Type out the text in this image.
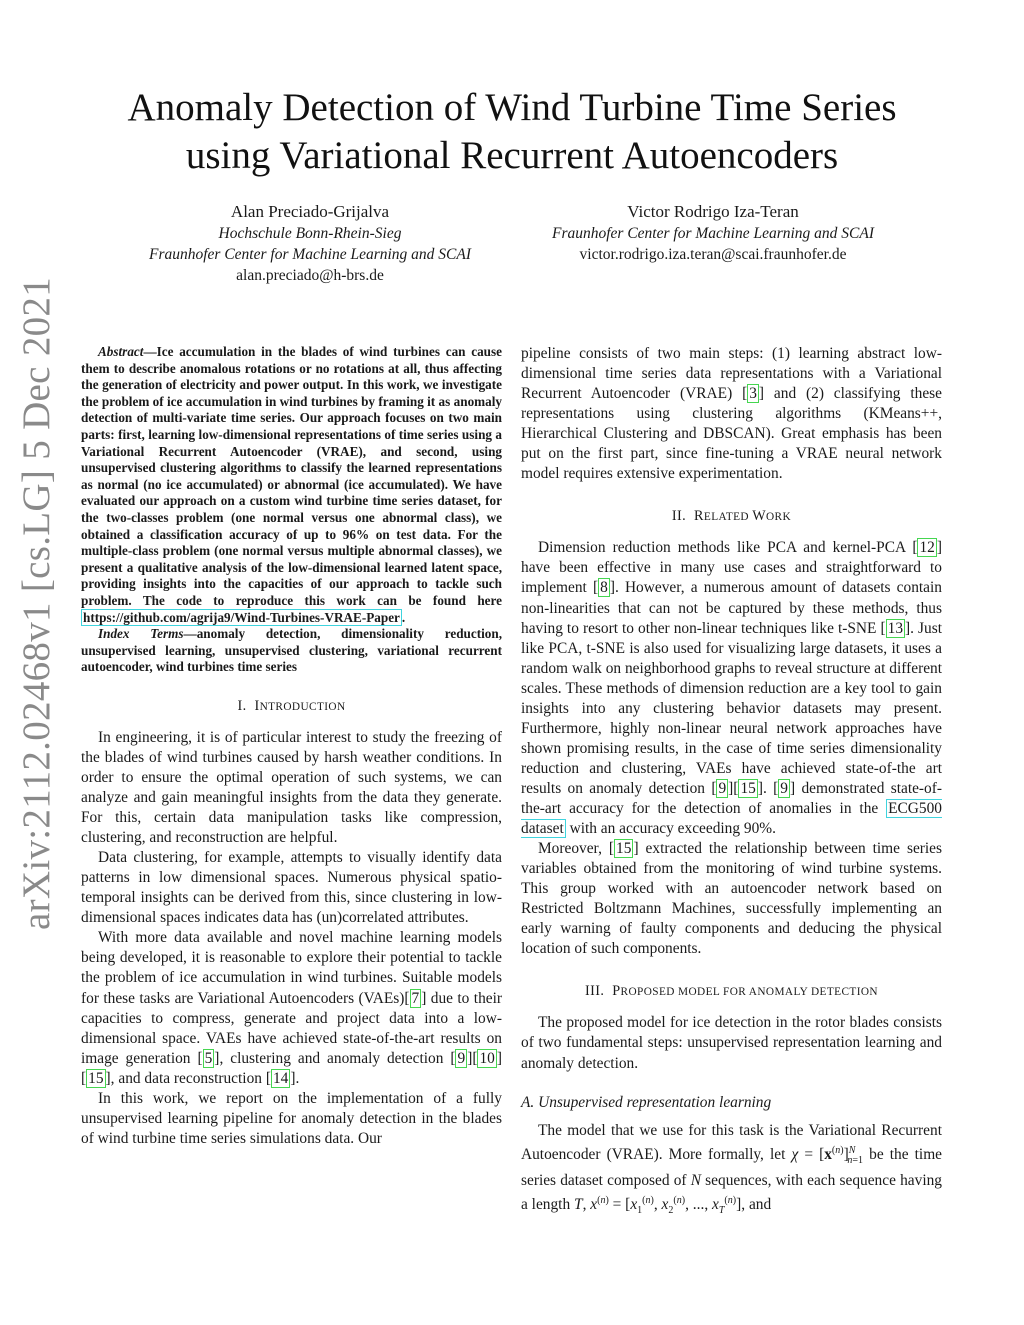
arXiv:2112.02468v1 [cs.LG] 5 Dec 2021
Anomaly Detection of Wind Turbine Time Series
using Variational Recurrent Autoencoders
Alan Preciado-Grijalva
Hochschule Bonn-Rhein-Sieg
Fraunhofer Center for Machine Learning and SCAI
alan.preciado@h-brs.de
Victor Rodrigo Iza-Teran
Fraunhofer Center for Machine Learning and SCAI
victor.rodrigo.iza.teran@scai.fraunhofer.de

Abstract—Ice accumulation in the blades of wind turbines can cause them to describe anomalous rotations or no rotations at all, thus affecting the generation of electricity and power output. In this work, we investigate the problem of ice accumulation in wind turbines by framing it as anomaly detection of multi-variate time series. Our approach focuses on two main parts: first, learning low-dimensional representations of time series using a Variational Recurrent Autoencoder (VRAE), and second, using unsupervised clustering algorithms to classify the learned representations as normal (no ice accumulated) or abnormal (ice accumulated). We have evaluated our approach on a custom wind turbine time series dataset, for the two-classes problem (one normal versus one abnormal class), we obtained a classification accuracy of up to 96% on test data. For the multiple-class problem (one normal versus multiple abnormal classes), we present a qualitative analysis of the low-dimensional learned latent space, providing insights into the capacities of our approach to tackle such problem. The code to reproduce this work can be found here https://github.com/agrija9/Wind-Turbines-VRAE-Paper .

Index Terms—anomaly detection, dimensionality reduction, unsupervised learning, unsupervised clustering, variational recurrent autoencoder, wind turbines time series

I. INTRODUCTION

In engineering, it is of particular interest to study the freezing of the blades of wind turbines caused by harsh weather conditions. In order to ensure the optimal operation of such systems, we can analyze and gain meaningful insights from the data they generate. For this, certain data manipulation tasks like compression, clustering, and reconstruction are helpful.

Data clustering, for example, attempts to visually identify data patterns in low dimensional spaces. Numerous physical spatio-temporal insights can be derived from this, since clustering in low-dimensional spaces indicates data has (un)correlated attributes.

With more data available and novel machine learning models being developed, it is reasonable to explore their potential to tackle the problem of ice accumulation in wind turbines. Suitable models for these tasks are Variational Autoencoders (VAEs)[ 7 ] due to their capacities to compress, generate and project data into a low-dimensional space. VAEs have achieved state-of-the-art results on image generation [ 5 ], clustering and anomaly detection [ 9 ][ 10 ][ 15 ], and data reconstruction [ 14 ].

In this work, we report on the implementation of a fully unsupervised learning pipeline for anomaly detection in the blades of wind turbine time series simulations data. Our

pipeline consists of two main steps: (1) learning abstract low-dimensional time series data representations with a Variational Recurrent Autoencoder (VRAE) [ 3 ] and (2) classifying these representations using clustering algorithms (KMeans++, Hierarchical Clustering and DBSCAN). Great emphasis has been put on the first part, since fine-tuning a VRAE neural network model requires extensive experimentation.

II. RELATED WORK

Dimension reduction methods like PCA and kernel-PCA [ 12 ] have been effective in many use cases and straightforward to implement [ 8 ]. However, a numerous amount of datasets contain non-linearities that can not be captured by these methods, thus having to resort to other non-linear techniques like t-SNE [ 13 ]. Just like PCA, t-SNE is also used for visualizing large datasets, it uses a random walk on neighborhood graphs to reveal structure at different scales. These methods of dimension reduction are a key tool to gain insights into any clustering behavior datasets may present. Furthermore, highly non-linear neural network approaches have shown promising results, in the case of time series dimensionality reduction and clustering, VAEs have achieved state-of-the art results on anomaly detection [ 9 ][ 15 ]. [ 9 ] demonstrated state-of-the-art accuracy for the detection of anomalies in the ECG500 dataset with an accuracy exceeding 90%.

Moreover, [ 15 ] extracted the relationship between time series variables obtained from the monitoring of wind turbine systems. This group worked with an autoencoder network based on Restricted Boltzmann Machines, successfully implementing an early warning of faulty components and deducing the physical location of such components.

III. PROPOSED MODEL FOR ANOMALY DETECTION

The proposed model for ice detection in the rotor blades consists of two fundamental steps: unsupervised representation learning and anomaly detection.

A. Unsupervised representation learning

The model that we use for this task is the Variational Recurrent Autoencoder (VRAE). More formally, let $\chi = [x^{(n)}]^N_{n=1}$ be the time series dataset composed of N sequences, with each sequence having a length T, $x^{(n)} = [x_1^{(n)}$, $x_2^{(n)}$, ..., $x_T^{(n)}$], and
